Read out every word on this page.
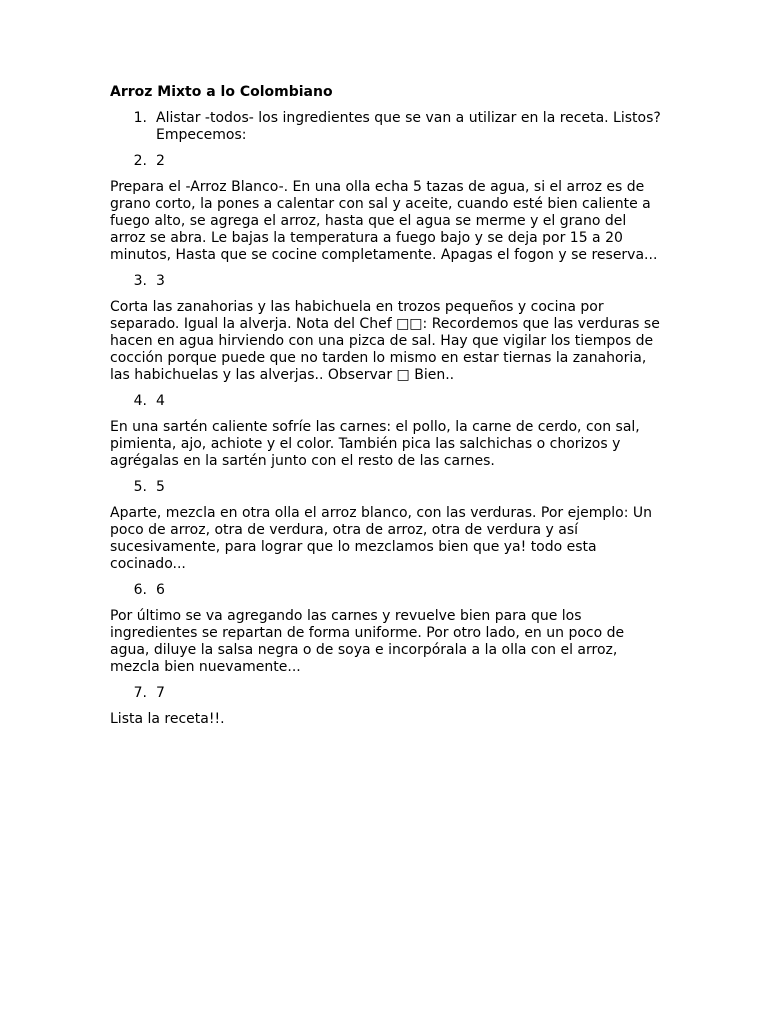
Arroz Mixto a lo Colombiano
1. Alistar -todos- los ingredientes que se van a utilizar en la receta. Listos? Empecemos:
2. 2

Prepara el -Arroz Blanco-. En una olla echa 5 tazas de agua, si el arroz es de grano corto, la pones a calentar con sal y aceite, cuando esté bien caliente a fuego alto, se agrega el arroz, hasta que el agua se merme y el grano del arroz se abra. Le bajas la temperatura a fuego bajo y se deja por 15 a 20 minutos, Hasta que se cocine completamente. Apagas el fogon y se reserva...

3. 3

Corta las zanahorias y las habichuela en trozos pequeños y cocina por separado. Igual la alverja. Nota del Chef □□: Recordemos que las verduras se hacen en agua hirviendo con una pizca de sal. Hay que vigilar los tiempos de cocción porque puede que no tarden lo mismo en estar tiernas la zanahoria, las habichuelas y las alverjas.. Observar □ Bien..

4. 4

En una sartén caliente sofríe las carnes: el pollo, la carne de cerdo, con sal, pimienta, ajo, achiote y el color. También pica las salchichas o chorizos y agrégalas en la sartén junto con el resto de las carnes.

5. 5

Aparte, mezcla en otra olla el arroz blanco, con las verduras. Por ejemplo: Un poco de arroz, otra de verdura, otra de arroz, otra de verdura y así sucesivamente, para lograr que lo mezclamos bien que ya! todo esta cocinado...

6. 6

Por último se va agregando las carnes y revuelve bien para que los ingredientes se repartan de forma uniforme. Por otro lado, en un poco de agua, diluye la salsa negra o de soya e incorpórala a la olla con el arroz, mezcla bien nuevamente...

7. 7

Lista la receta!!.
